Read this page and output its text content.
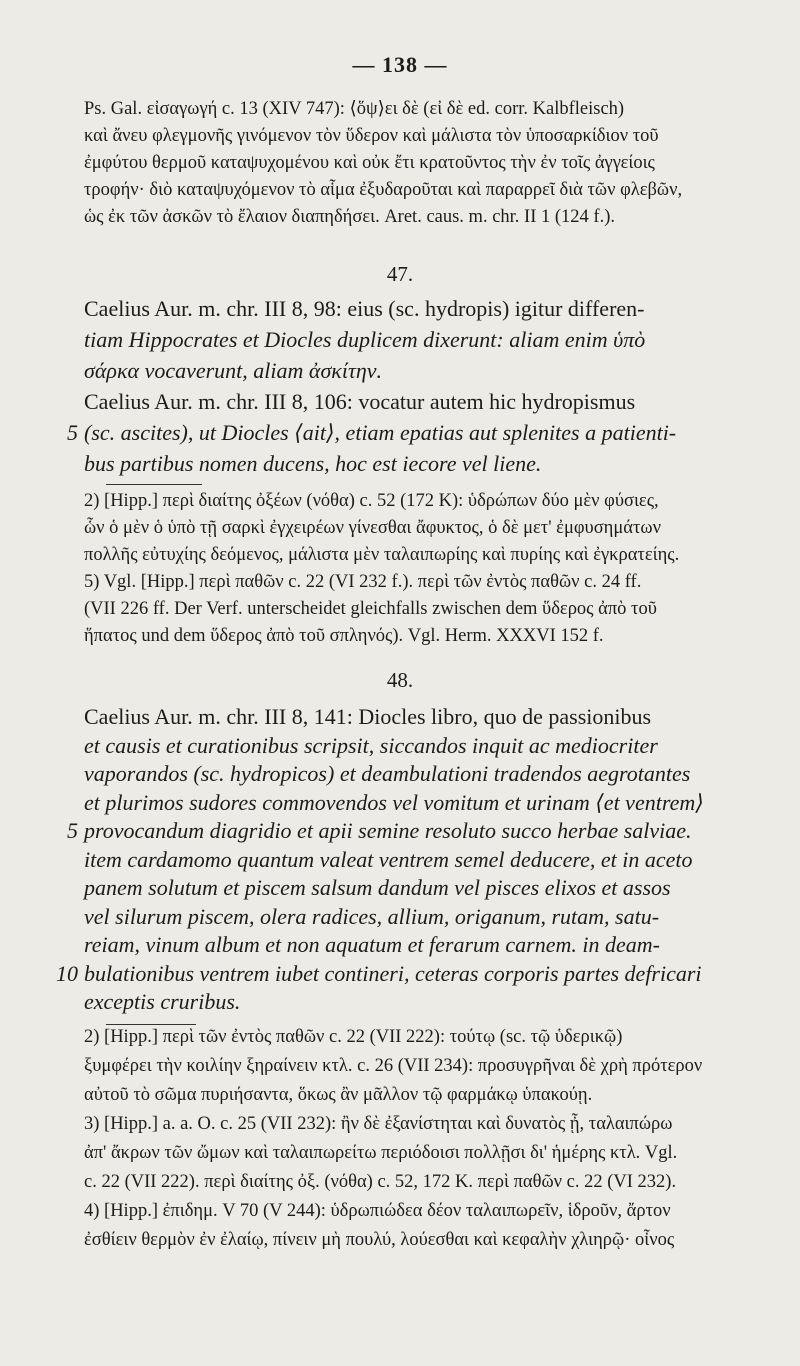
— 138 —
Ps. Gal. εἰσαγωγή c. 13 (XIV 747): ⟨ὅψ⟩ει δὲ (εἰ δὲ ed. corr. Kalbfleisch)
καὶ ἄνευ φλεγμονῆς γινόμενον τὸν ὕδερον καὶ μάλιστα τὸν ὑποσαρκίδιον τοῦ
ἐμφύτου θερμοῦ καταψυχομένου καὶ οὐκ ἔτι κρατοῦντος τὴν ἐν τοῖς ἀγγείοις
τροφήν· διὸ καταψυχόμενον τὸ αἷμα ἐξυδαροῦται καὶ παραρρεῖ διὰ τῶν φλεβῶν,
ὡς ἐκ τῶν ἀσκῶν τὸ ἔλαιον διαπηδήσει. Aret. caus. m. chr. II 1 (124 f.).
47.
Caelius Aur. m. chr. III 8, 98: eius (sc. hydropis) igitur differen-
tiam Hippocrates et Diocles duplicem dixerunt: aliam enim ὑπὸ
σάρκα vocaverunt, aliam ἀσκίτην.
Caelius Aur. m. chr. III 8, 106: vocatur autem hic hydropismus
5 (sc. ascites), ut Diocles ⟨ait⟩, etiam epatias aut splenites a patienti-
bus partibus nomen ducens, hoc est iecore vel liene.
2) [Hipp.] περὶ διαίτης ὀξέων (νόθα) c. 52 (172 K): ὑδρώπων δύο μὲν φύσιες,
ὧν ὁ μὲν ὁ ὑπὸ τῇ σαρκὶ ἐγχειρέων γίνεσθαι ἄφυκτος, ὁ δὲ μετ' ἐμφυσημάτων
πολλῆς εὐτυχίης δεόμενος, μάλιστα μὲν ταλαιπωρίης καὶ πυρίης καὶ ἐγκρατείης.
5) Vgl. [Hipp.] περὶ παθῶν c. 22 (VI 232 f.). περὶ τῶν ἐντὸς παθῶν c. 24 ff.
(VII 226 ff. Der Verf. unterscheidet gleichfalls zwischen dem ὕδερος ἀπὸ τοῦ
ἥπατος und dem ὕδερος ἀπὸ τοῦ σπληνός). Vgl. Herm. XXXVI 152 f.
48.
Caelius Aur. m. chr. III 8, 141: Diocles libro, quo de passionibus
et causis et curationibus scripsit, siccandos inquit ac mediocriter
vaporandos (sc. hydropicos) et deambulationi tradendos aegrotantes
et plurimos sudores commovendos vel vomitum et urinam ⟨et ventrem⟩
5 provocandum diagridio et apii semine resoluto succo herbae salviae.
item cardamomo quantum valeat ventrem semel deducere, et in aceto
panem solutum et piscem salsum dandum vel pisces elixos et assos
vel silurum piscem, olera radices, allium, origanum, rutam, satu-
reiam, vinum album et non aquatum et ferarum carnem. in deam-
10 bulationibus ventrem iubet contineri, ceteras corporis partes defricari
exceptis cruribus.
2) [Hipp.] περὶ τῶν ἐντὸς παθῶν c. 22 (VII 222): τούτῳ (sc. τῷ ὑδερικῷ)
ξυμφέρει τὴν κοιλίην ξηραίνειν κτλ. c. 26 (VII 234): προσυγρῆναι δὲ χρὴ πρότερον
αὐτοῦ τὸ σῶμα πυριήσαντα, ὅκως ἂν μᾶλλον τῷ φαρμάκῳ ὑπακούῃ.
3) [Hipp.] a. a. O. c. 25 (VII 232): ἢν δὲ ἐξανίστηται καὶ δυνατὸς ᾖ, ταλαιπώρω
ἀπ' ἄκρων τῶν ὤμων καὶ ταλαιπωρείτω περιόδοισι πολλῇσι δι' ἡμέρης κτλ. Vgl.
c. 22 (VII 222). περὶ διαίτης ὀξ. (νόθα) c. 52, 172 K. περὶ παθῶν c. 22 (VI 232).
4) [Hipp.] ἐπιδημ. V 70 (V 244): ὑδρωπιώδεα δέον ταλαιπωρεῖν, ἱδροῦν, ἄρτον
ἐσθίειν θερμὸν ἐν ἐλαίῳ, πίνειν μὴ πουλύ, λούεσθαι καὶ κεφαλὴν χλιηρῷ· οἶνος
